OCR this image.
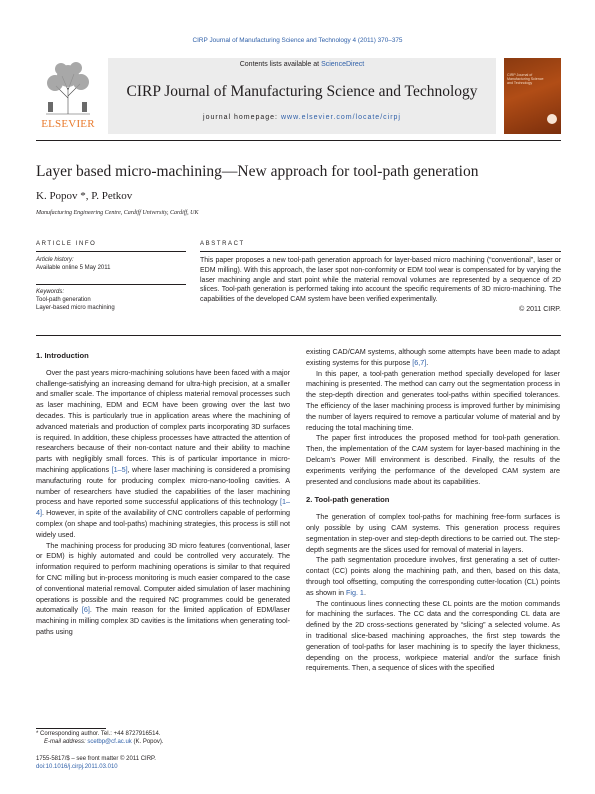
CIRP Journal of Manufacturing Science and Technology 4 (2011) 370–375
ELSEVIER
Contents lists available at ScienceDirect
CIRP Journal of Manufacturing Science and Technology
journal homepage: www.elsevier.com/locate/cirpj
CIRP Journal of Manufacturing Science and Technology
Layer based micro-machining—New approach for tool-path generation
K. Popov *, P. Petkov
Manufacturing Engineering Centre, Cardiff University, Cardiff, UK
ARTICLE INFO
Article history:
Available online 5 May 2011
Keywords:
Tool-path generation
Layer-based micro machining
ABSTRACT
This paper proposes a new tool-path generation approach for layer-based micro machining (“conventional”, laser or EDM milling). With this approach, the laser spot non-conformity or EDM tool wear is compensated for by varying the laser machining angle and start point while the material removal volumes are represented by a sequence of 2D slices. Tool-path generation is performed taking into account the specific requirements of 3D micro-machining. The capabilities of the developed CAM system have been verified experimentally.
© 2011 CIRP.
1. Introduction

Over the past years micro-machining solutions have been faced with a major challenge-satisfying an increasing demand for ultra-high precision, at a smaller and smaller scale. The importance of chipless material removal processes such as laser machining, EDM and ECM have been growing over the last two decades. This is particularly true in application areas where the machining of advanced materials and production of complex parts incorporating 3D surfaces is required. In addition, these chipless processes have attracted the attention of researchers because of their non-contact nature and their ability to machine parts with negligibly small forces. This is of particular importance in micro-machining applications [1–5], where laser machining is considered a promising manufacturing route for producing complex micro-nano-tooling cavities. A number of researchers have studied the capabilities of the laser machining process and have reported some successful applications of this technology [1–4]. However, in spite of the availability of CNC controllers capable of performing complex (on shape and tool-paths) machining strategies, this process is still not widely used.

The machining process for producing 3D micro features (conventional, laser or EDM) is highly automated and could be controlled very accurately. The information required to perform machining operations is similar to that required for CNC milling but in-process monitoring is much easier compared to the case of conventional material removal. Computer aided simulation of laser machining operations is possible and the required NC programmes could be generated automatically [6]. The main reason for the limited application of EDM/laser machining in milling complex 3D cavities is the limitations when generating tool-paths using

existing CAD/CAM systems, although some attempts have been made to adapt existing systems for this purpose [6,7].

In this paper, a tool-path generation method specially developed for laser machining is presented. The method can carry out the segmentation process in the step-depth direction and generates tool-paths within specified tolerances. The efficiency of the laser machining process is improved further by minimising the number of layers required to remove a particular volume of material and by reducing the total machining time.

The paper first introduces the proposed method for tool-path generation. Then, the implementation of the CAM system for layer-based machining in the Delcam’s Power Mill environment is described. Finally, the results of the experiments verifying the performance of the developed CAM system are presented and conclusions made about its capabilities.

2. Tool-path generation

The generation of complex tool-paths for machining free-form surfaces is only possible by using CAM systems. This generation process requires segmentation in step-over and step-depth directions to be carried out. The step-depth segments are the slices used for removal of material in layers.

The path segmentation procedure involves, first generating a set of cutter-contact (CC) points along the machining path, and then, based on this data, through tool offsetting, computing the corresponding cutter-location (CL) points as shown in Fig. 1.

The continuous lines connecting these CL points are the motion commands for machining the surfaces. The CC data and the corresponding CL data are defined by the 2D cross-sections generated by “slicing” a selected volume. As in traditional slice-based machining approaches, the first step towards the generation of tool-paths for laser machining is to specify the layer thickness, depending on the process, workpiece material and/or the surface finish requirements. Then, a sequence of slices with the specified

* Corresponding author. Tel.: +44 8727916514.
E-mail address: scetbp@cf.ac.uk (K. Popov).
1755-5817/$ – see front matter © 2011 CIRP.
doi:10.1016/j.cirpj.2011.03.010
